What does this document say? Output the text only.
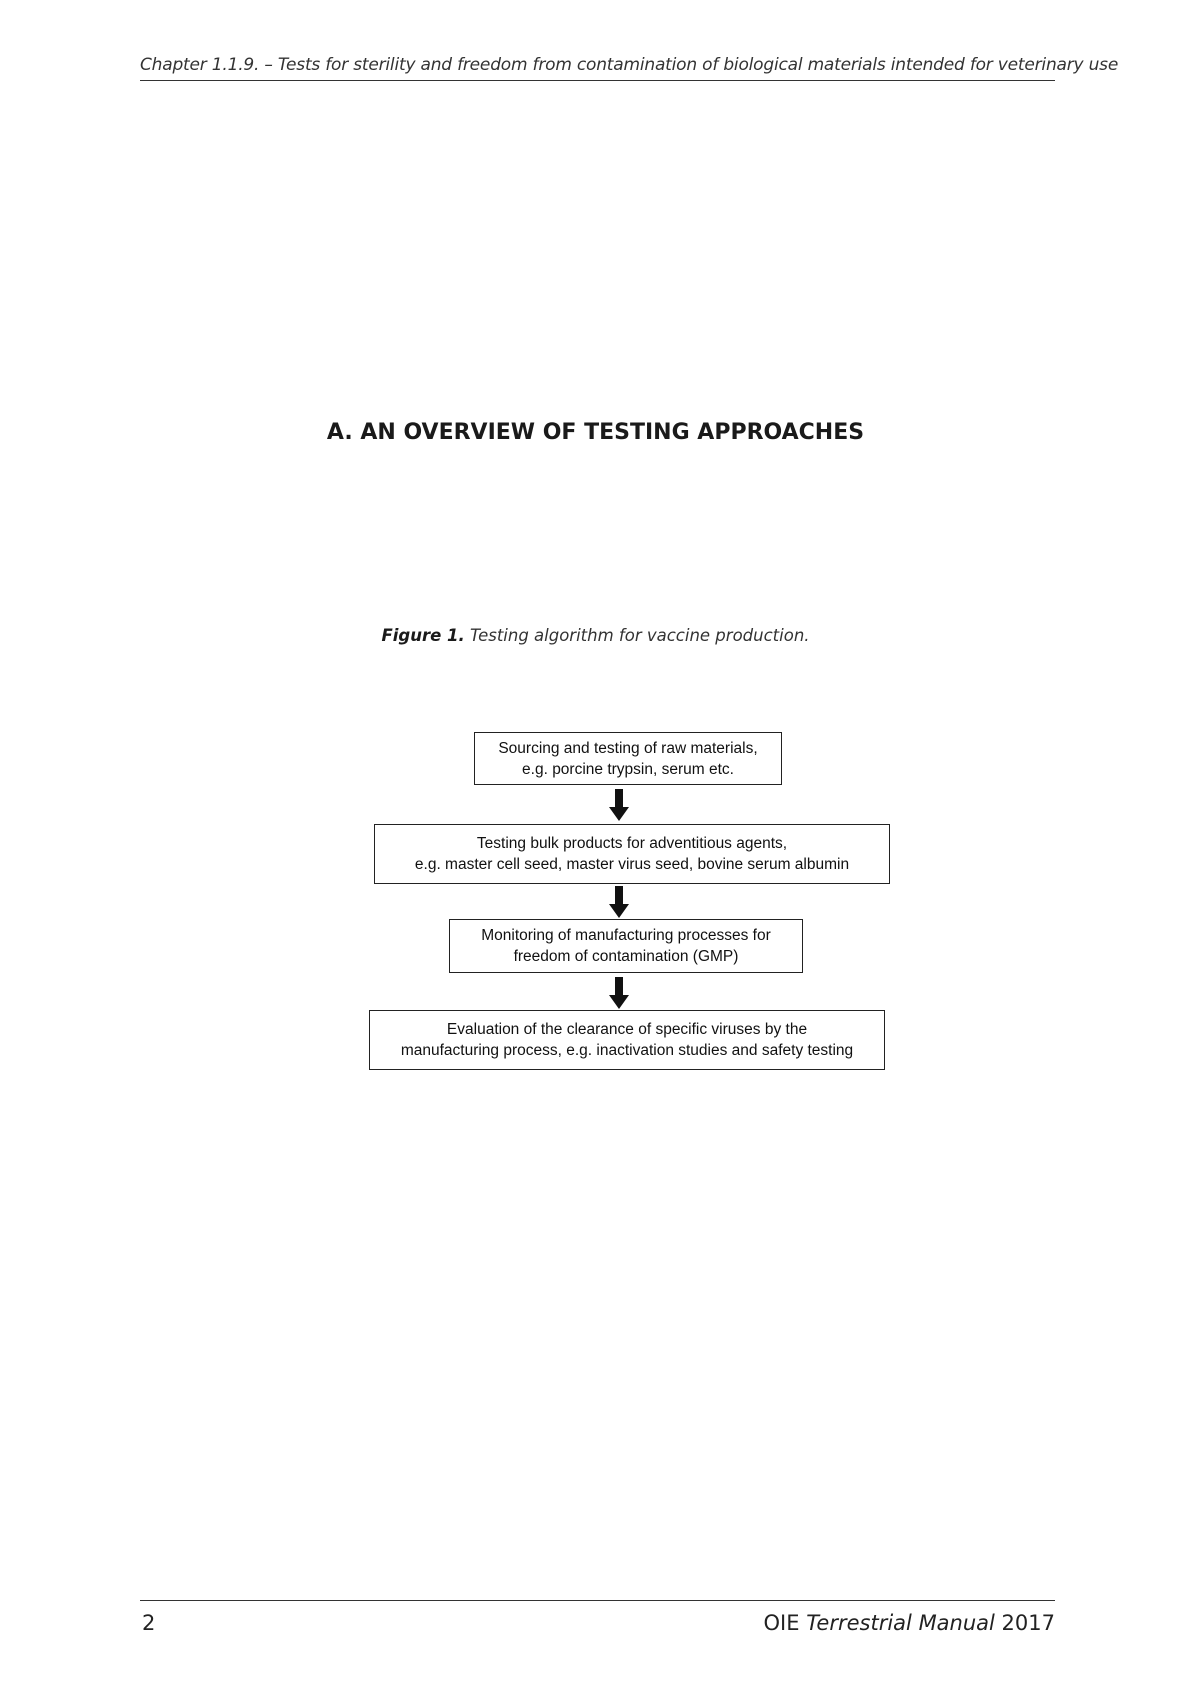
Chapter 1.1.9. – Tests for sterility and freedom from contamination of biological materials intended for veterinary use
A. AN OVERVIEW OF TESTING APPROACHES
Figure 1. Testing algorithm for vaccine production.
Sourcing and testing of raw materials,
e.g. porcine trypsin, serum etc.
Testing bulk products for adventitious agents,
e.g. master cell seed, master virus seed, bovine serum albumin
Monitoring of manufacturing processes for
freedom of contamination (GMP)
Evaluation of the clearance of specific viruses by the
manufacturing process, e.g. inactivation studies and safety testing
2	OIE Terrestrial Manual 2017
